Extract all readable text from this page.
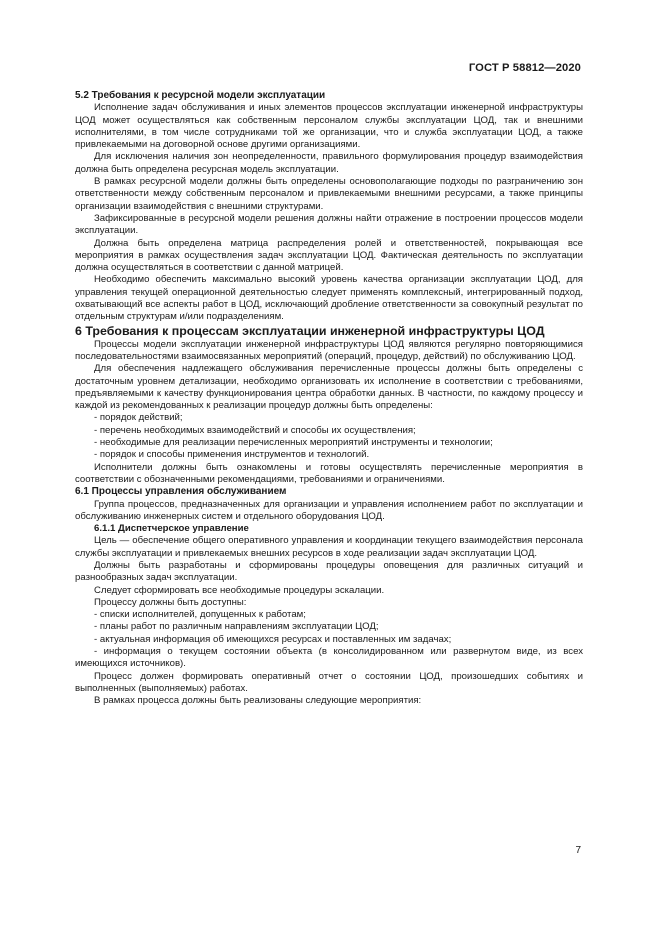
ГОСТ Р 58812—2020

5.2 Требования к ресурсной модели эксплуатации

Исполнение задач обслуживания и иных элементов процессов эксплуатации инженерной инфраструктуры ЦОД может осуществляться как собственным персоналом службы эксплуатации ЦОД, так и внешними исполнителями, в том числе сотрудниками той же организации, что и служба эксплуатации ЦОД, а также привлекаемыми на договорной основе другими организациями.

Для исключения наличия зон неопределенности, правильного формулирования процедур взаимодействия должна быть определена ресурсная модель эксплуатации.

В рамках ресурсной модели должны быть определены основополагающие подходы по разграничению зон ответственности между собственным персоналом и привлекаемыми внешними ресурсами, а также принципы организации взаимодействия с внешними структурами.

Зафиксированные в ресурсной модели решения должны найти отражение в построении процессов модели эксплуатации.

Должна быть определена матрица распределения ролей и ответственностей, покрывающая все мероприятия в рамках осуществления задач эксплуатации ЦОД. Фактическая деятельность по эксплуатации должна осуществляться в соответствии с данной матрицей.

Необходимо обеспечить максимально высокий уровень качества организации эксплуатации ЦОД, для управления текущей операционной деятельностью следует применять комплексный, интегрированный подход, охватывающий все аспекты работ в ЦОД, исключающий дробление ответственности за совокупный результат по отдельным структурам и/или подразделениям.

6 Требования к процессам эксплуатации инженерной инфраструктуры ЦОД

Процессы модели эксплуатации инженерной инфраструктуры ЦОД являются регулярно повторяющимися последовательностями взаимосвязанных мероприятий (операций, процедур, действий) по обслуживанию ЦОД.

Для обеспечения надлежащего обслуживания перечисленные процессы должны быть определены с достаточным уровнем детализации, необходимо организовать их исполнение в соответствии с требованиями, предъявляемыми к качеству функционирования центра обработки данных. В частности, по каждому процессу и каждой из рекомендованных к реализации процедур должны быть определены:

- порядок действий;

- перечень необходимых взаимодействий и способы их осуществления;

- необходимые для реализации перечисленных мероприятий инструменты и технологии;

- порядок и способы применения инструментов и технологий.

Исполнители должны быть ознакомлены и готовы осуществлять перечисленные мероприятия в соответствии с обозначенными рекомендациями, требованиями и ограничениями.

6.1 Процессы управления обслуживанием

Группа процессов, предназначенных для организации и управления исполнением работ по эксплуатации и обслуживанию инженерных систем и отдельного оборудования ЦОД.

6.1.1 Диспетчерское управление

Цель — обеспечение общего оперативного управления и координации текущего взаимодействия персонала службы эксплуатации и привлекаемых внешних ресурсов в ходе реализации задач эксплуатации ЦОД.

Должны быть разработаны и сформированы процедуры оповещения для различных ситуаций и разнообразных задач эксплуатации.

Следует сформировать все необходимые процедуры эскалации.

Процессу должны быть доступны:

- списки исполнителей, допущенных к работам;

- планы работ по различным направлениям эксплуатации ЦОД;

- актуальная информация об имеющихся ресурсах и поставленных им задачах;

- информация о текущем состоянии объекта (в консолидированном или развернутом виде, из всех имеющихся источников).

Процесс должен формировать оперативный отчет о состоянии ЦОД, произошедших событиях и выполненных (выполняемых) работах.

В рамках процесса должны быть реализованы следующие мероприятия:

7
